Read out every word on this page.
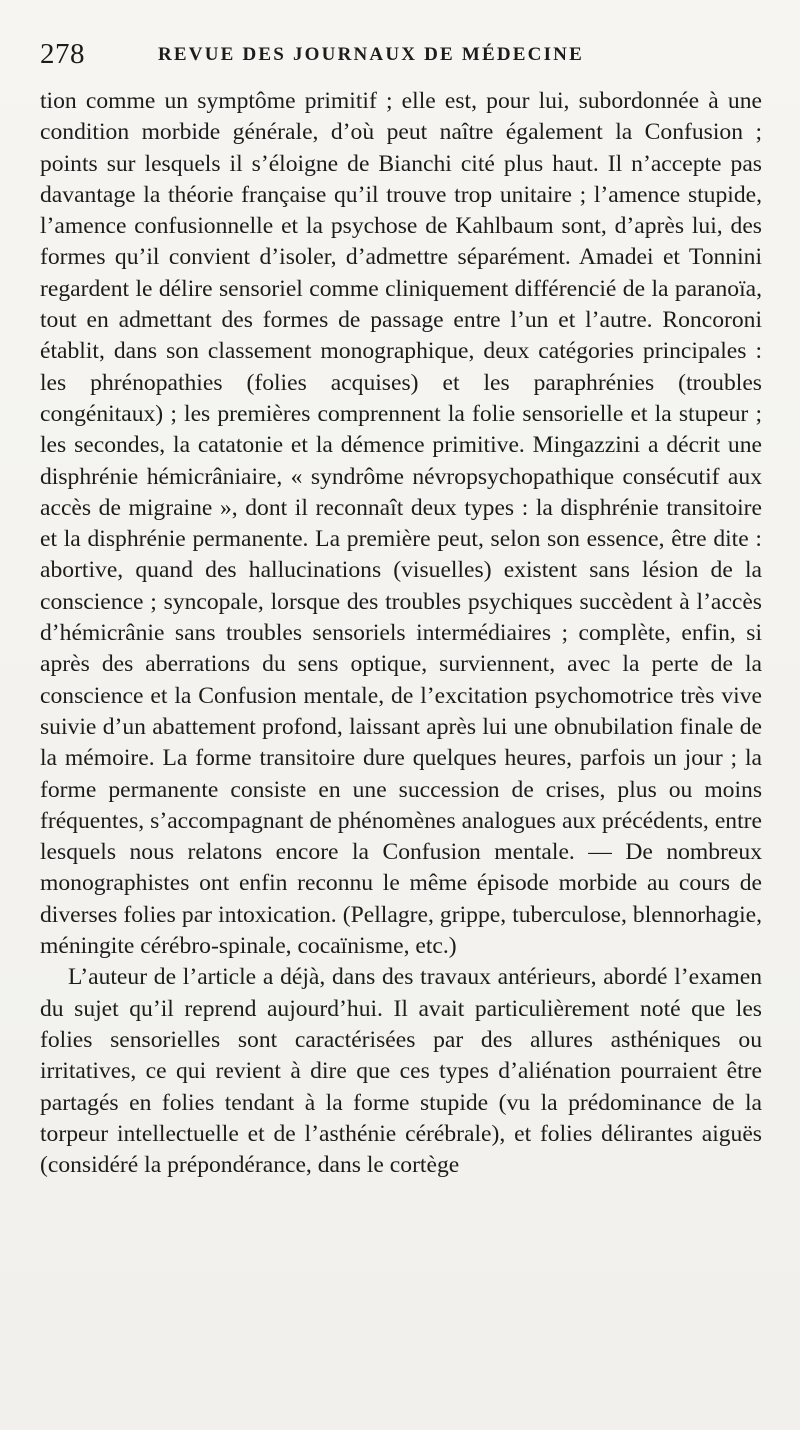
278	REVUE DES JOURNAUX DE MÉDECINE

tion comme un symptôme primitif ; elle est, pour lui, subordonnée à une condition morbide générale, d’où peut naître également la Confusion ; points sur lesquels il s’éloigne de Bianchi cité plus haut. Il n’accepte pas davantage la théorie française qu’il trouve trop unitaire ; l’amence stupide, l’amence confusionnelle et la psychose de Kahlbaum sont, d’après lui, des formes qu’il convient d’isoler, d’admettre séparément. Amadei et Tonnini regardent le délire sensoriel comme cliniquement différencié de la paranoïa, tout en admettant des formes de passage entre l’un et l’autre. Roncoroni établit, dans son classement monographique, deux catégories principales : les phrénopathies (folies acquises) et les paraphrénies (troubles congénitaux) ; les premières comprennent la folie sensorielle et la stupeur ; les secondes, la catatonie et la démence primitive. Mingazzini a décrit une disphrénie hémicrâniaire, « syndrôme névropsychopathique consécutif aux accès de migraine », dont il reconnaît deux types : la disphrénie transitoire et la disphrénie permanente. La première peut, selon son essence, être dite : abortive, quand des hallucinations (visuelles) existent sans lésion de la conscience ; syncopale, lorsque des troubles psychiques succèdent à l’accès d’hémicrânie sans troubles sensoriels intermédiaires ; complète, enfin, si après des aberrations du sens optique, surviennent, avec la perte de la conscience et la Confusion mentale, de l’excitation psychomotrice très vive suivie d’un abattement profond, laissant après lui une obnubilation finale de la mémoire. La forme transitoire dure quelques heures, parfois un jour ; la forme permanente consiste en une succession de crises, plus ou moins fréquentes, s’accompagnant de phénomènes analogues aux précédents, entre lesquels nous relatons encore la Confusion mentale. — De nombreux monographistes ont enfin reconnu le même épisode morbide au cours de diverses folies par intoxication. (Pellagre, grippe, tuberculose, blennorhagie, méningite cérébro-spinale, cocaïnisme, etc.)

L’auteur de l’article a déjà, dans des travaux antérieurs, abordé l’examen du sujet qu’il reprend aujourd’hui. Il avait particulièrement noté que les folies sensorielles sont caractérisées par des allures asthéniques ou irritatives, ce qui revient à dire que ces types d’aliénation pourraient être partagés en folies tendant à la forme stupide (vu la prédominance de la torpeur intellectuelle et de l’asthénie cérébrale), et folies délirantes aiguës (considéré la prépondérance, dans le cortège
